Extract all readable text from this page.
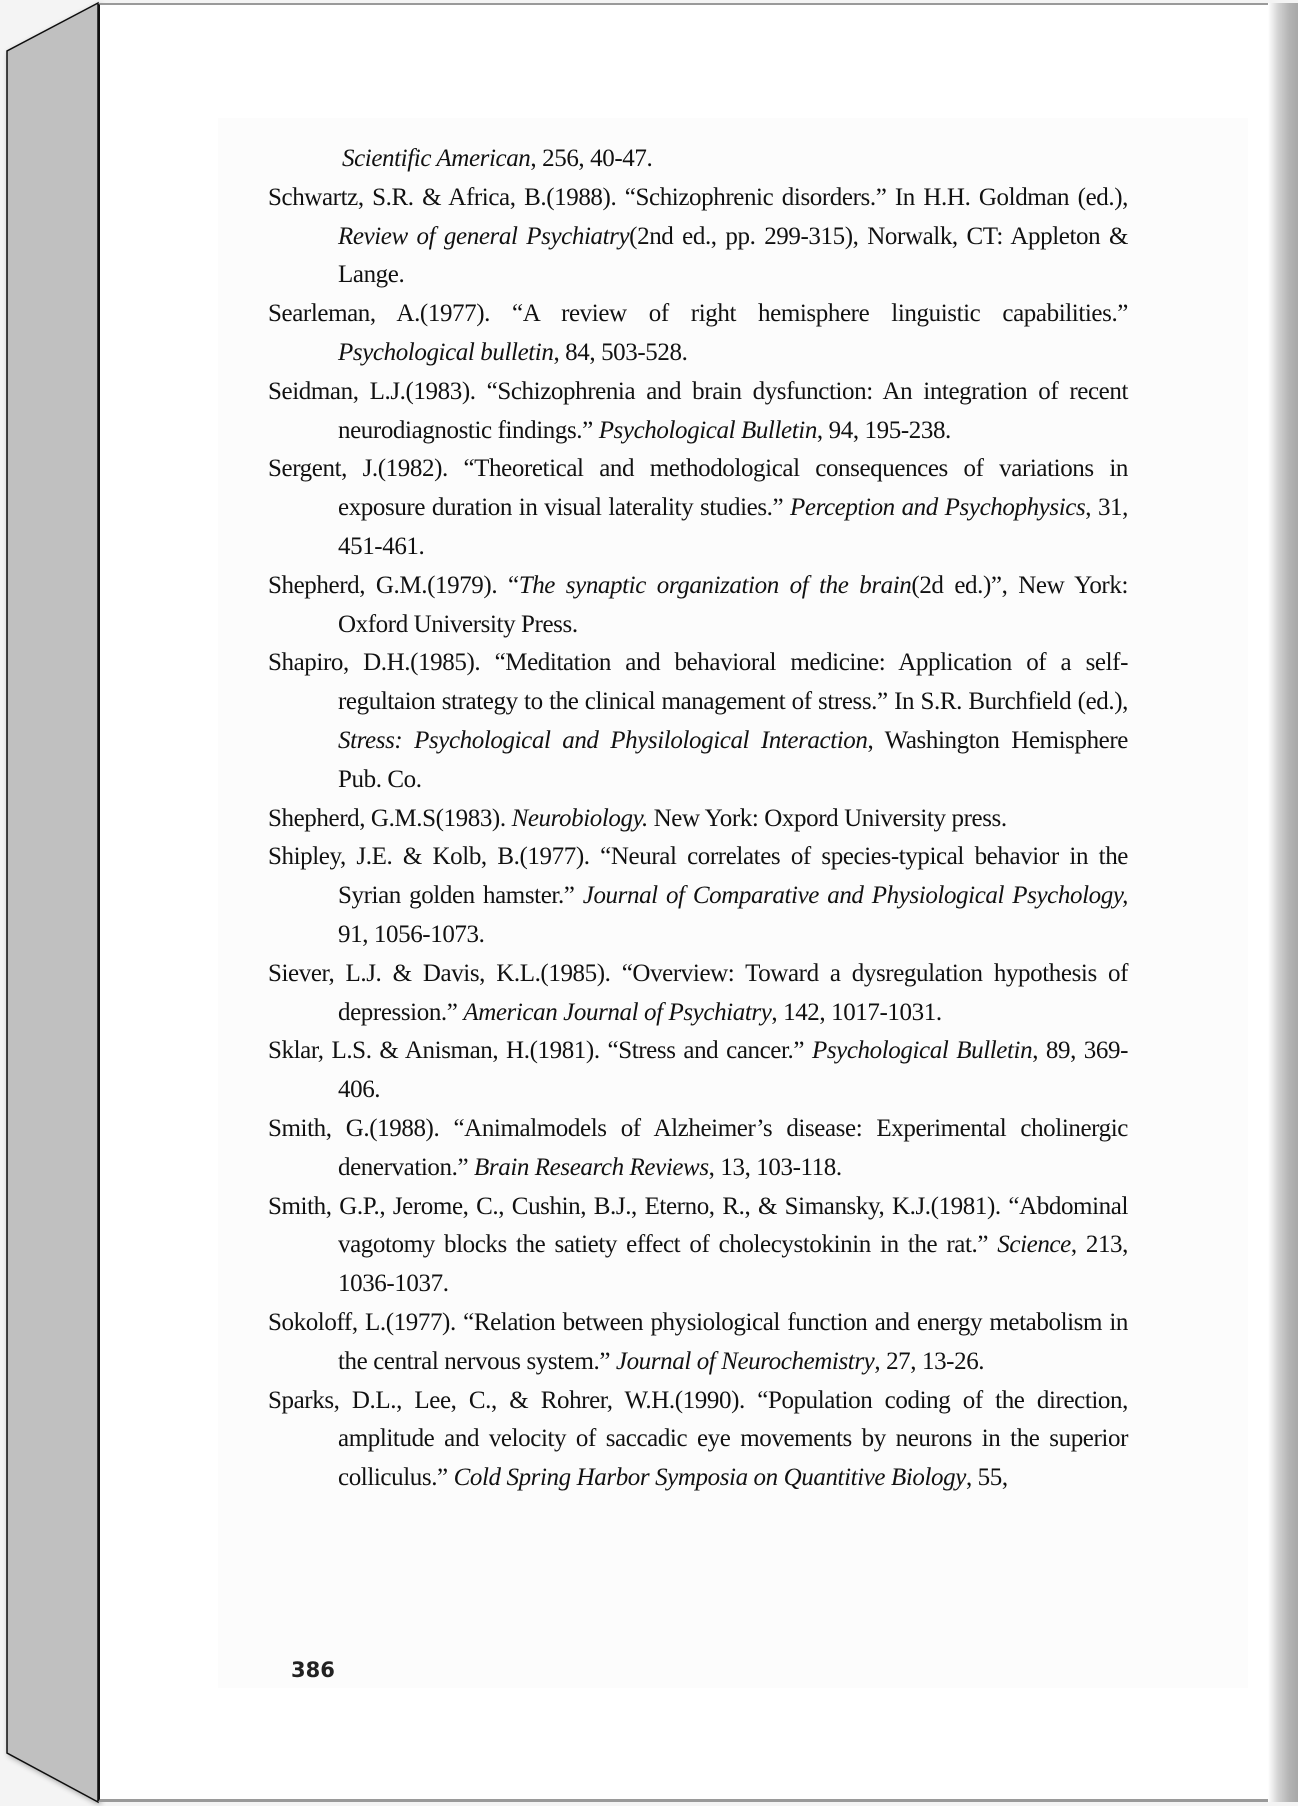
Scientific American, 256, 40-47.

Schwartz, S.R. & Africa, B.(1988). “Schizophrenic disorders.” In H.H. Goldman (ed.), Review of general Psychiatry(2nd ed., pp. 299-315), Norwalk, CT: Appleton & Lange.

Searleman, A.(1977). “A review of right hemisphere linguistic capabilities.” Psychological bulletin, 84, 503-528.

Seidman, L.J.(1983). “Schizophrenia and brain dysfunction: An integration of recent neurodiagnostic findings.” Psychological Bulletin, 94, 195-238.

Sergent, J.(1982). “Theoretical and methodological consequences of variations in exposure duration in visual laterality studies.” Perception and Psychophysics, 31, 451-461.

Shepherd, G.M.(1979). “The synaptic organization of the brain(2d ed.)”, New York: Oxford University Press.

Shapiro, D.H.(1985). “Meditation and behavioral medicine: Application of a self-regultaion strategy to the clinical management of stress.” In S.R. Burchfield (ed.), Stress: Psychological and Physilological Interaction, Washington Hemisphere Pub. Co.

Shepherd, G.M.S(1983). Neurobiology. New York: Oxpord University press.

Shipley, J.E. & Kolb, B.(1977). “Neural correlates of species-typical behavior in the Syrian golden hamster.” Journal of Comparative and Physiological Psychology, 91, 1056-1073.

Siever, L.J. & Davis, K.L.(1985). “Overview: Toward a dysregulation hypothesis of depression.” American Journal of Psychiatry, 142, 1017-1031.

Sklar, L.S. & Anisman, H.(1981). “Stress and cancer.” Psychological Bulletin, 89, 369-406.

Smith, G.(1988). “Animalmodels of Alzheimer’s disease: Experimental cholinergic denervation.” Brain Research Reviews, 13, 103-118.

Smith, G.P., Jerome, C., Cushin, B.J., Eterno, R., & Simansky, K.J.(1981). “Abdominal vagotomy blocks the satiety effect of cholecystokinin in the rat.” Science, 213, 1036-1037.

Sokoloff, L.(1977). “Relation between physiological function and energy metabolism in the central nervous system.” Journal of Neurochemistry, 27, 13-26.

Sparks, D.L., Lee, C., & Rohrer, W.H.(1990). “Population coding of the direction, amplitude and velocity of saccadic eye movements by neurons in the superior colliculus.” Cold Spring Harbor Symposia on Quantitive Biology, 55,

386
